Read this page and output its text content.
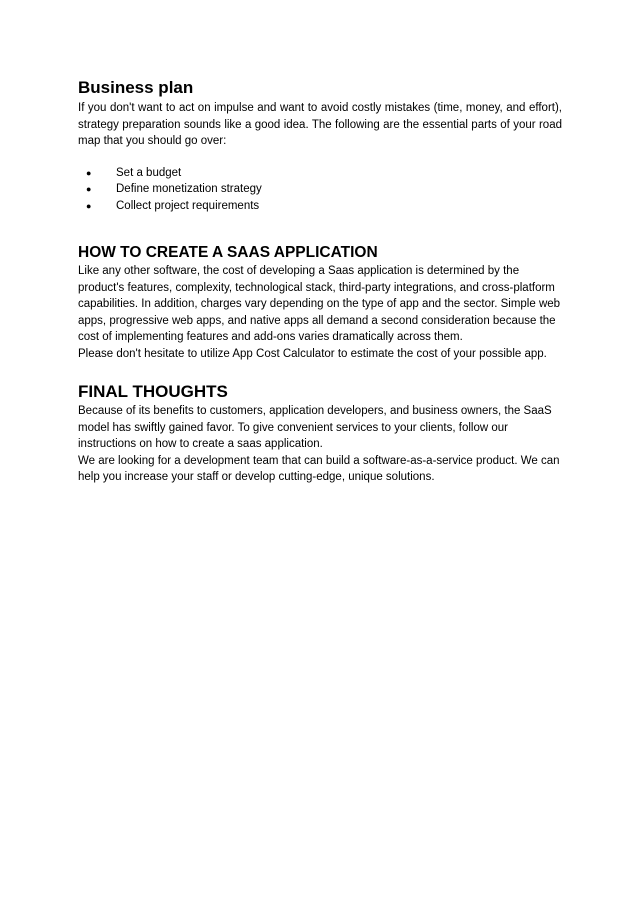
Business plan

If you don't want to act on impulse and want to avoid costly mistakes (time, money, and effort), strategy preparation sounds like a good idea. The following are the essential parts of your road map that you should go over:

●	Set a budget
●	Define monetization strategy
●	Collect project requirements
HOW TO CREATE A SAAS APPLICATION

Like any other software, the cost of developing a Saas application is determined by the product's features, complexity, technological stack, third-party integrations, and cross-platform capabilities. In addition, charges vary depending on the type of app and the sector. Simple web apps, progressive web apps, and native apps all demand a second consideration because the cost of implementing features and add-ons varies dramatically across them.

Please don't hesitate to utilize App Cost Calculator to estimate the cost of your possible app.

FINAL THOUGHTS

Because of its benefits to customers, application developers, and business owners, the SaaS model has swiftly gained favor. To give convenient services to your clients, follow our instructions on how to create a saas application.

We are looking for a development team that can build a software-as-a-service product. We can help you increase your staff or develop cutting-edge, unique solutions.
